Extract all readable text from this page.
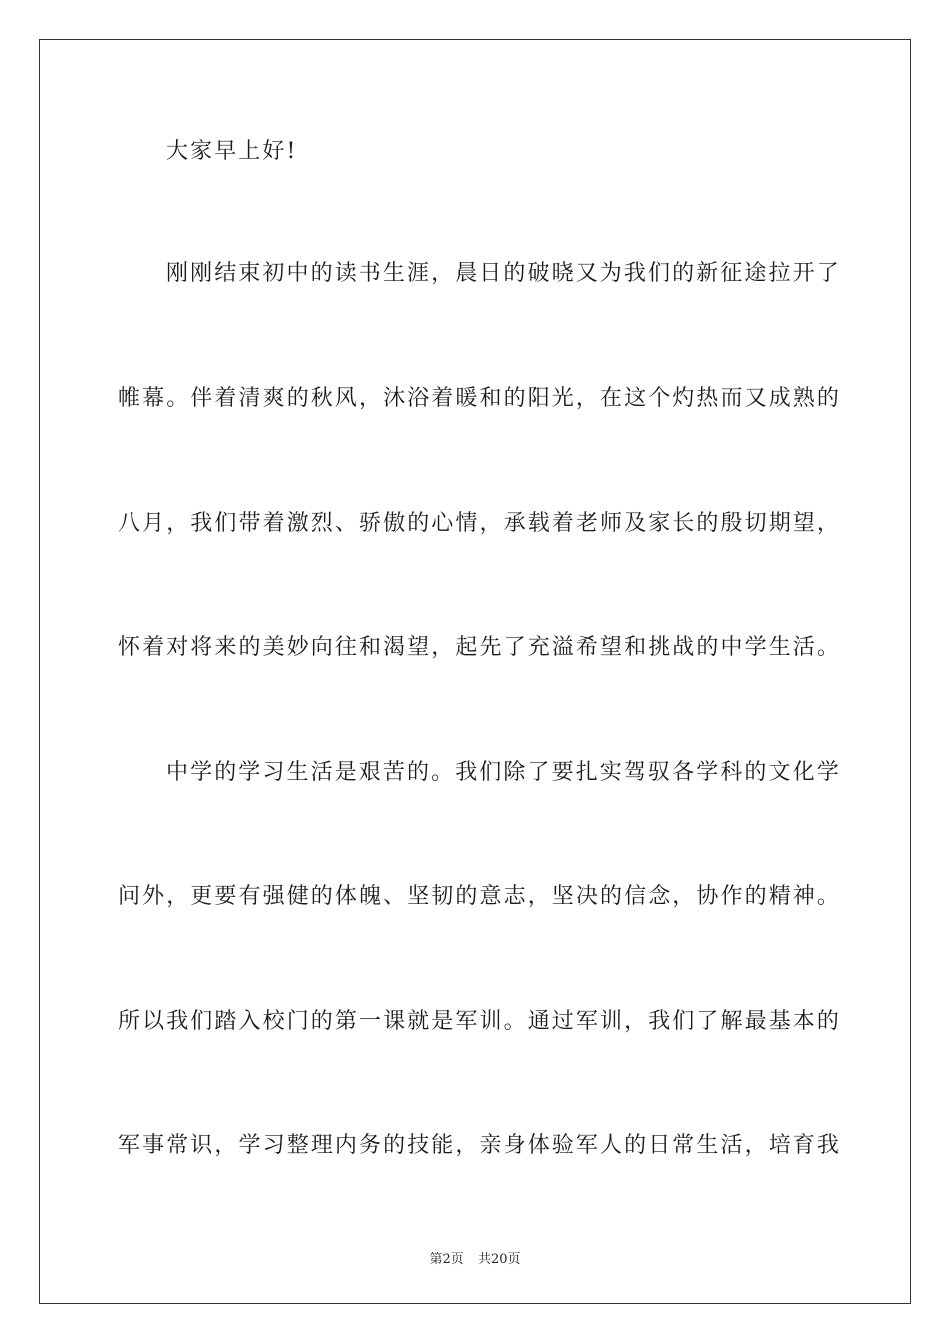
大家早上好!
刚刚结束初中的读书生涯，晨日的破晓又为我们的新征途拉开了
帷幕。伴着清爽的秋风，沐浴着暖和的阳光，在这个灼热而又成熟的
八月，我们带着激烈、骄傲的心情，承载着老师及家长的殷切期望，
怀着对将来的美妙向往和渴望，起先了充溢希望和挑战的中学生活。
中学的学习生活是艰苦的。我们除了要扎实驾驭各学科的文化学
问外，更要有强健的体魄、坚韧的意志，坚决的信念，协作的精神。
所以我们踏入校门的第一课就是军训。通过军训，我们了解最基本的
军事常识，学习整理内务的技能，亲身体验军人的日常生活，培育我
第2页 共20页
